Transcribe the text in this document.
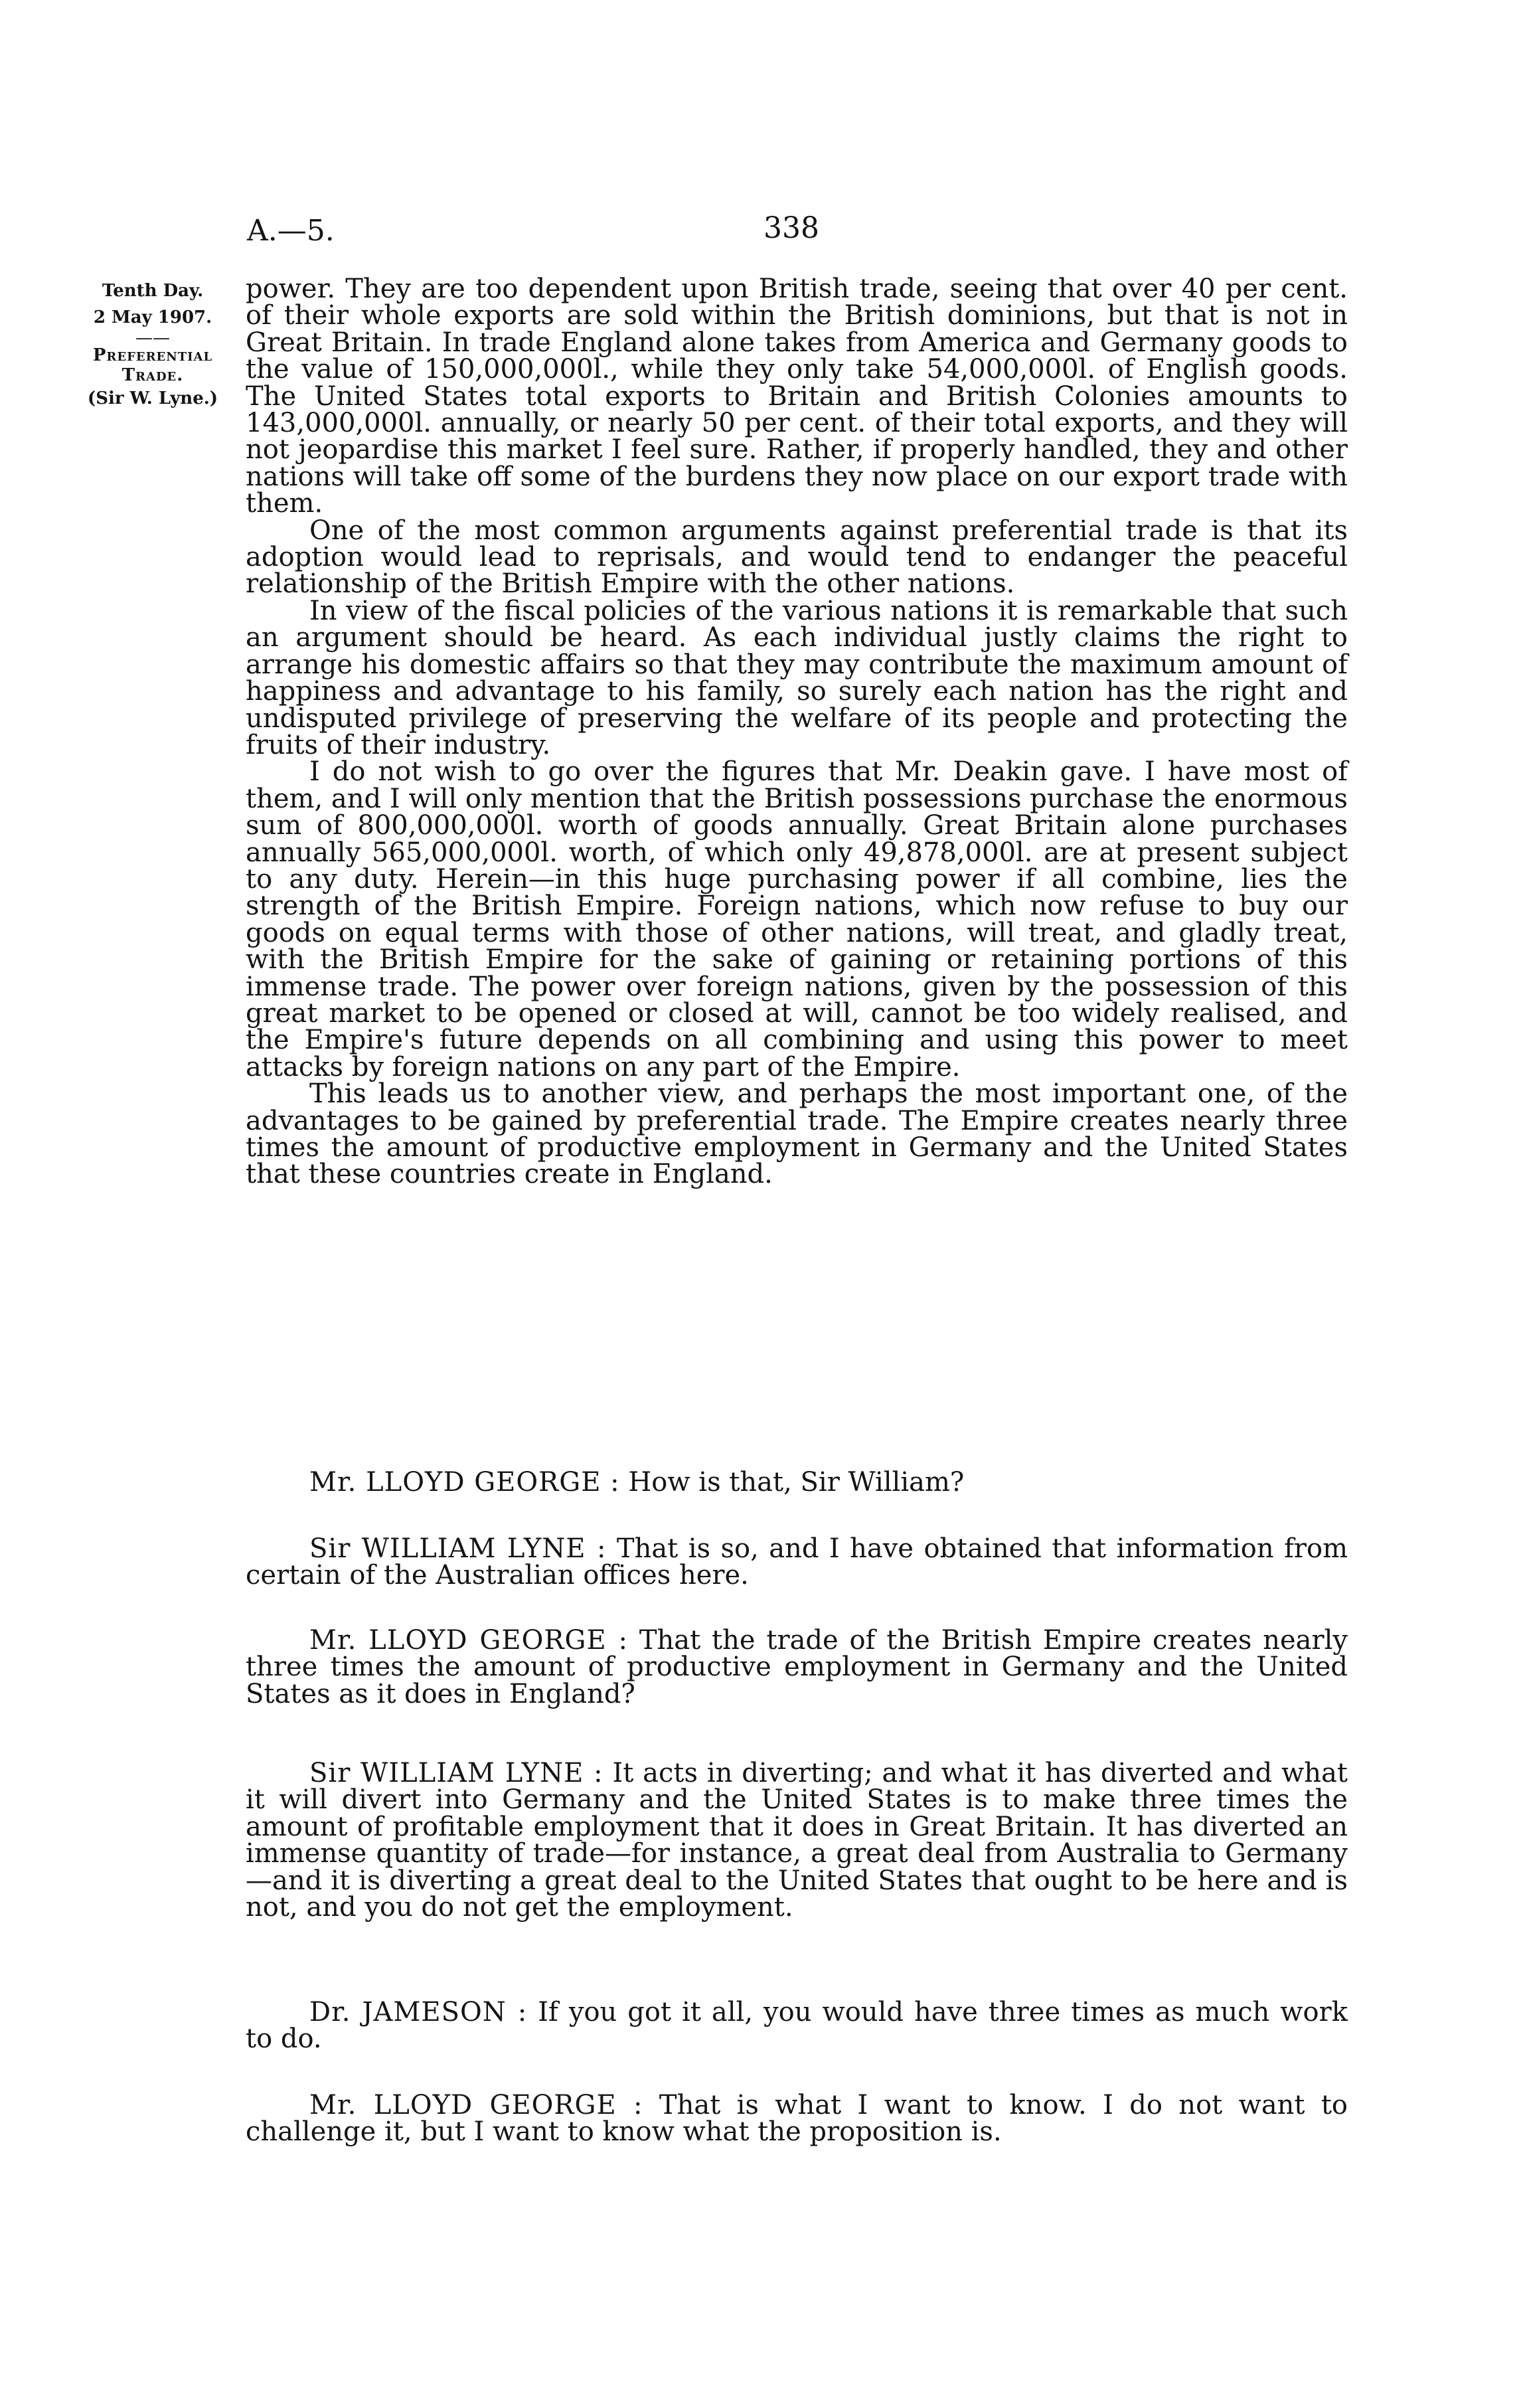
A.—5.	338
Tenth Day.
2 May 1907.
——
Preferential
Trade.
(Sir W. Lyne.)

power. They are too dependent upon British trade, seeing that over 40 per cent. of their whole exports are sold within the British dominions, but that is not in Great Britain. In trade England alone takes from America and Germany goods to the value of 150,000,000l., while they only take 54,000,000l. of English goods. The United States total exports to Britain and British Colonies amounts to 143,000,000l. annually, or nearly 50 per cent. of their total exports, and they will not jeopardise this market I feel sure. Rather, if properly handled, they and other nations will take off some of the burdens they now place on our export trade with them.

One of the most common arguments against preferential trade is that its adoption would lead to reprisals, and would tend to endanger the peaceful relationship of the British Empire with the other nations.

In view of the fiscal policies of the various nations it is remarkable that such an argument should be heard. As each individual justly claims the right to arrange his domestic affairs so that they may contribute the maximum amount of happiness and advantage to his family, so surely each nation has the right and undisputed privilege of preserving the welfare of its people and protecting the fruits of their industry.

I do not wish to go over the figures that Mr. Deakin gave. I have most of them, and I will only mention that the British possessions purchase the enormous sum of 800,000,000l. worth of goods annually. Great Britain alone purchases annually 565,000,000l. worth, of which only 49,878,000l. are at present subject to any duty. Herein—in this huge purchasing power if all combine, lies the strength of the British Empire. Foreign nations, which now refuse to buy our goods on equal terms with those of other nations, will treat, and gladly treat, with the British Empire for the sake of gaining or retaining portions of this immense trade. The power over foreign nations, given by the possession of this great market to be opened or closed at will, cannot be too widely realised, and the Empire's future depends on all combining and using this power to meet attacks by foreign nations on any part of the Empire.

This leads us to another view, and perhaps the most important one, of the advantages to be gained by preferential trade. The Empire creates nearly three times the amount of productive employment in Germany and the United States that these countries create in England.

Mr. LLOYD GEORGE : How is that, Sir William?

Sir WILLIAM LYNE : That is so, and I have obtained that information from certain of the Australian offices here.

Mr. LLOYD GEORGE : That the trade of the British Empire creates nearly three times the amount of productive employment in Germany and the United States as it does in England?

Sir WILLIAM LYNE : It acts in diverting; and what it has diverted and what it will divert into Germany and the United States is to make three times the amount of profitable employment that it does in Great Britain. It has diverted an immense quantity of trade—for instance, a great deal from Australia to Germany—and it is diverting a great deal to the United States that ought to be here and is not, and you do not get the employment.

Dr. JAMESON : If you got it all, you would have three times as much work to do.

Mr. LLOYD GEORGE : That is what I want to know. I do not want to challenge it, but I want to know what the proposition is.
